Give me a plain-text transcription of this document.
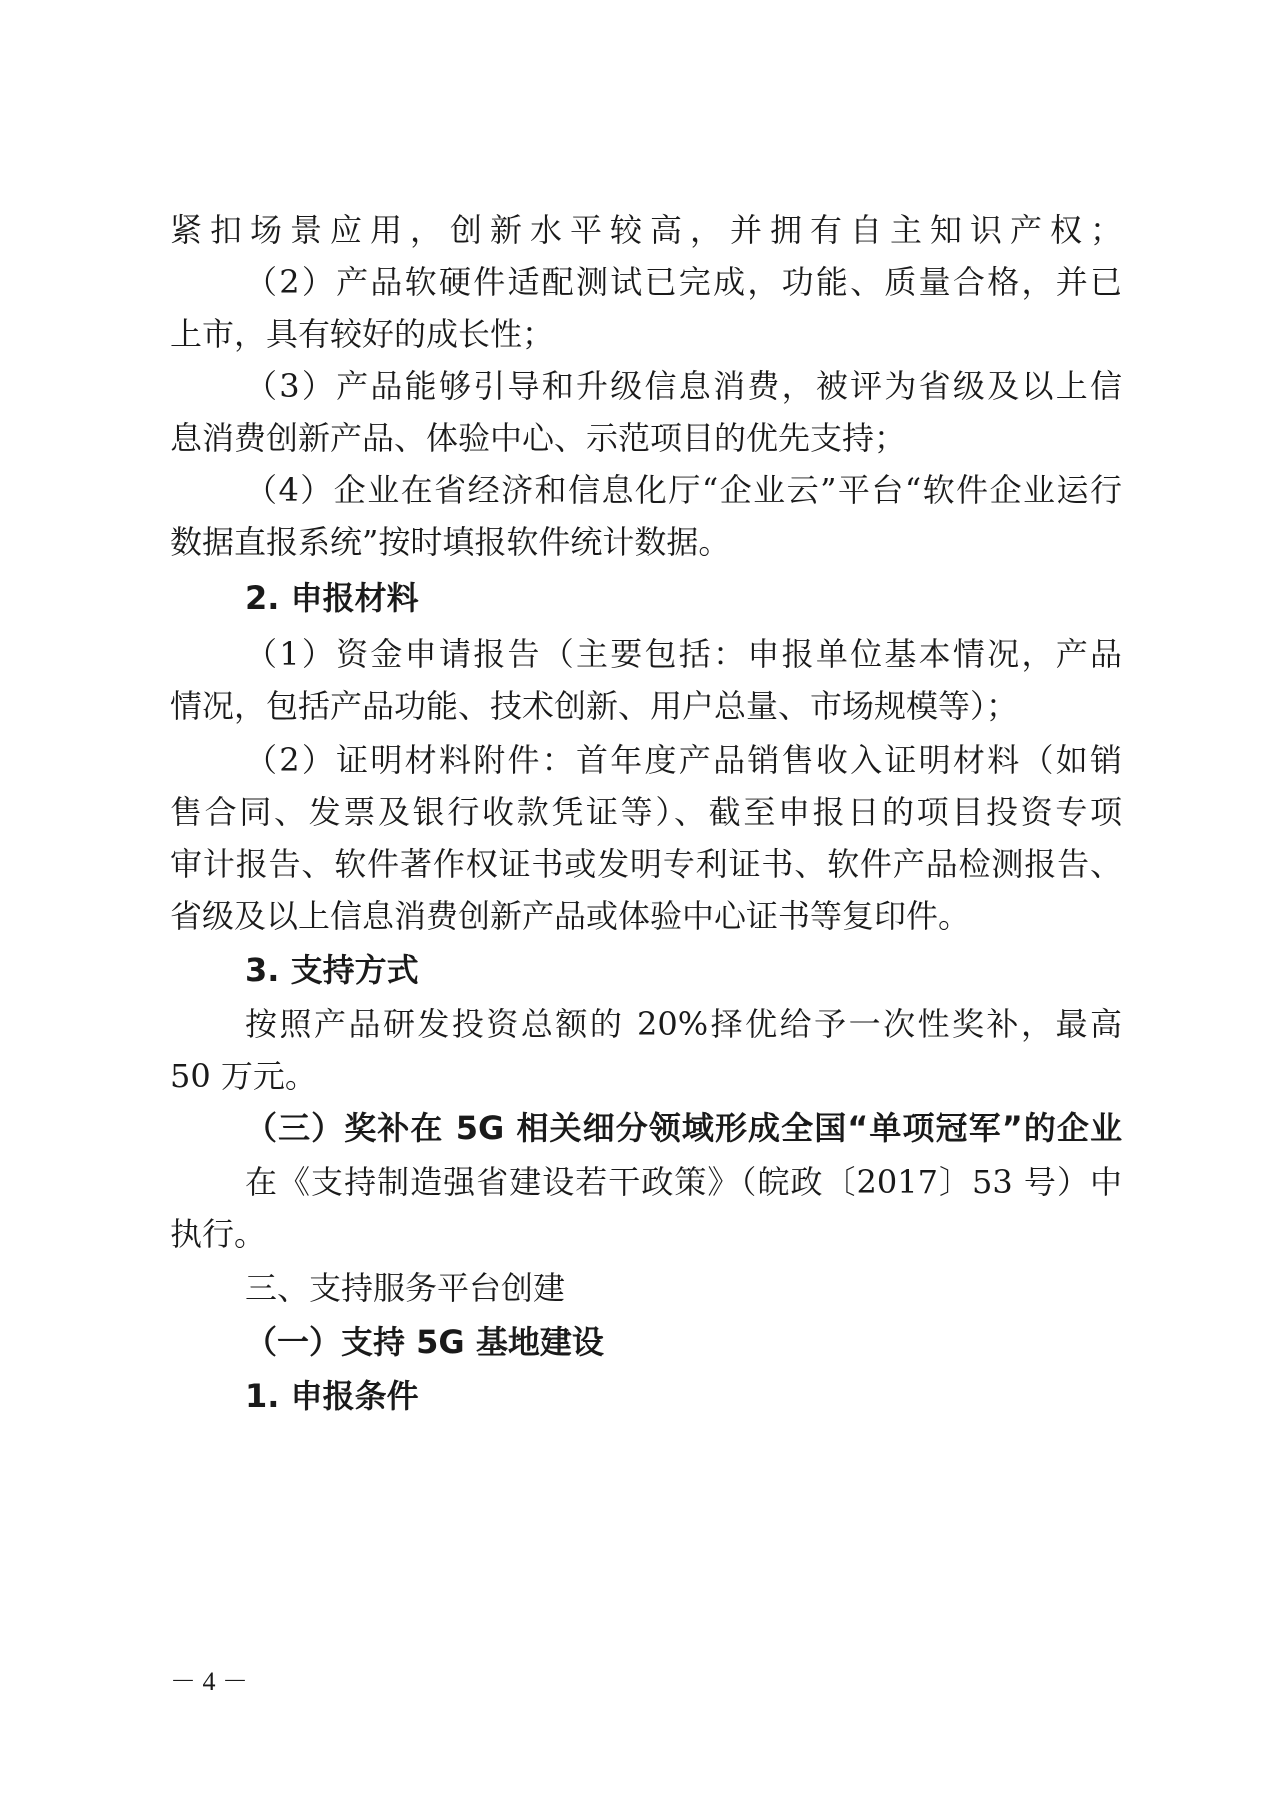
紧扣场景应用，创新水平较高，并拥有自主知识产权；
（2）产品软硬件适配测试已完成，功能、质量合格，并已
上市，具有较好的成长性；
（3）产品能够引导和升级信息消费，被评为省级及以上信
息消费创新产品、体验中心、示范项目的优先支持；
（4）企业在省经济和信息化厅“企业云”平台“软件企业运行
数据直报系统”按时填报软件统计数据。
2. 申报材料
（1）资金申请报告（主要包括：申报单位基本情况，产品
情况，包括产品功能、技术创新、用户总量、市场规模等）；
（2）证明材料附件：首年度产品销售收入证明材料（如销
售合同、发票及银行收款凭证等）、截至申报日的项目投资专项
审计报告、软件著作权证书或发明专利证书、软件产品检测报告、
省级及以上信息消费创新产品或体验中心证书等复印件。
3. 支持方式
按照产品研发投资总额的 20%择优给予一次性奖补，最高
50 万元。
（三）奖补在 5G 相关细分领域形成全国“单项冠军”的企业
在《支持制造强省建设若干政策》（皖政〔2017〕53 号）中
执行。
三、支持服务平台创建
（一）支持 5G 基地建设
1. 申报条件
－ 4 －
